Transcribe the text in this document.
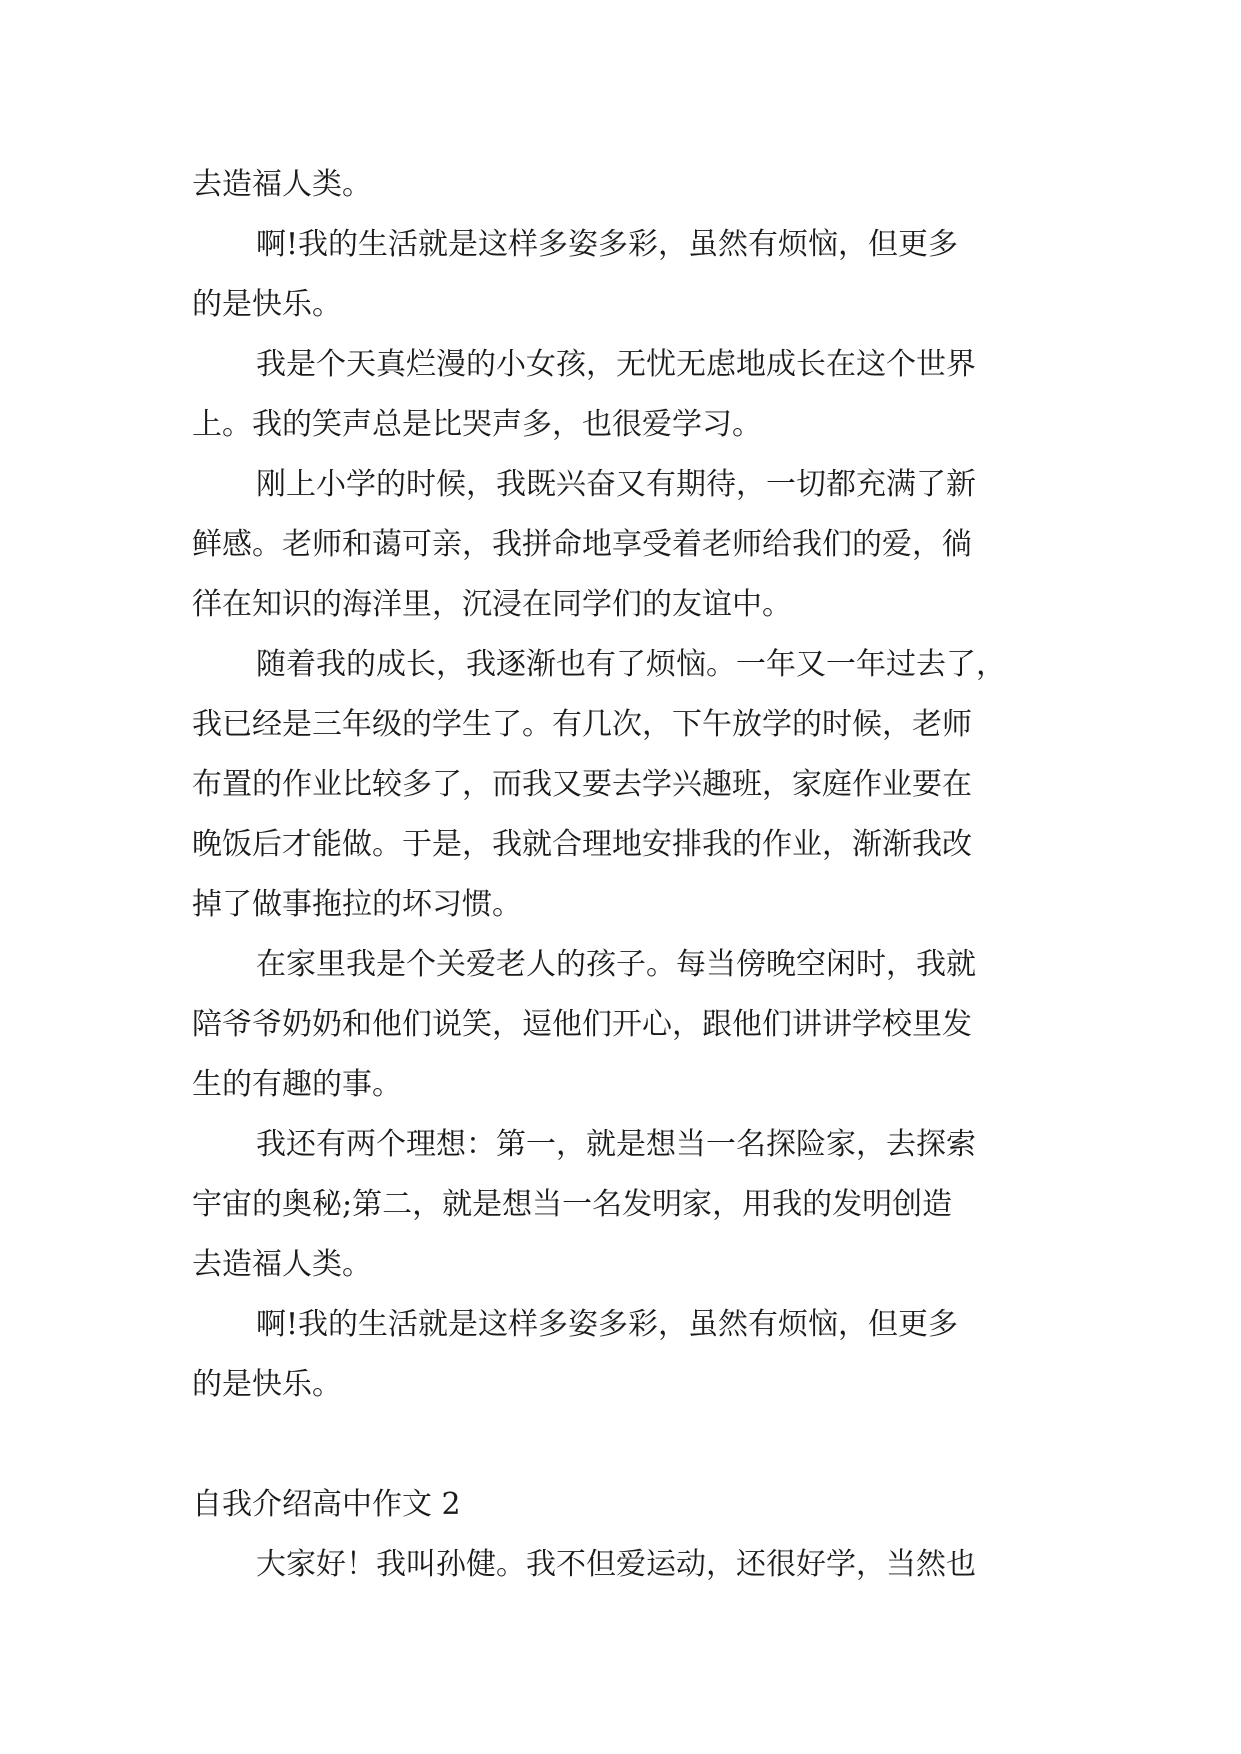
去造福人类。
啊!我的生活就是这样多姿多彩，虽然有烦恼，但更多
的是快乐。
我是个天真烂漫的小女孩，无忧无虑地成长在这个世界
上。我的笑声总是比哭声多，也很爱学习。
刚上小学的时候，我既兴奋又有期待，一切都充满了新
鲜感。老师和蔼可亲，我拼命地享受着老师给我们的爱，徜
徉在知识的海洋里，沉浸在同学们的友谊中。
随着我的成长，我逐渐也有了烦恼。一年又一年过去了，
我已经是三年级的学生了。有几次，下午放学的时候，老师
布置的作业比较多了，而我又要去学兴趣班，家庭作业要在
晚饭后才能做。于是，我就合理地安排我的作业，渐渐我改
掉了做事拖拉的坏习惯。
在家里我是个关爱老人的孩子。每当傍晚空闲时，我就
陪爷爷奶奶和他们说笑，逗他们开心，跟他们讲讲学校里发
生的有趣的事。
我还有两个理想：第一，就是想当一名探险家，去探索
宇宙的奥秘;第二，就是想当一名发明家，用我的发明创造
去造福人类。
啊!我的生活就是这样多姿多彩，虽然有烦恼，但更多
的是快乐。
自我介绍高中作文 2
大家好！我叫孙健。我不但爱运动，还很好学，当然也
